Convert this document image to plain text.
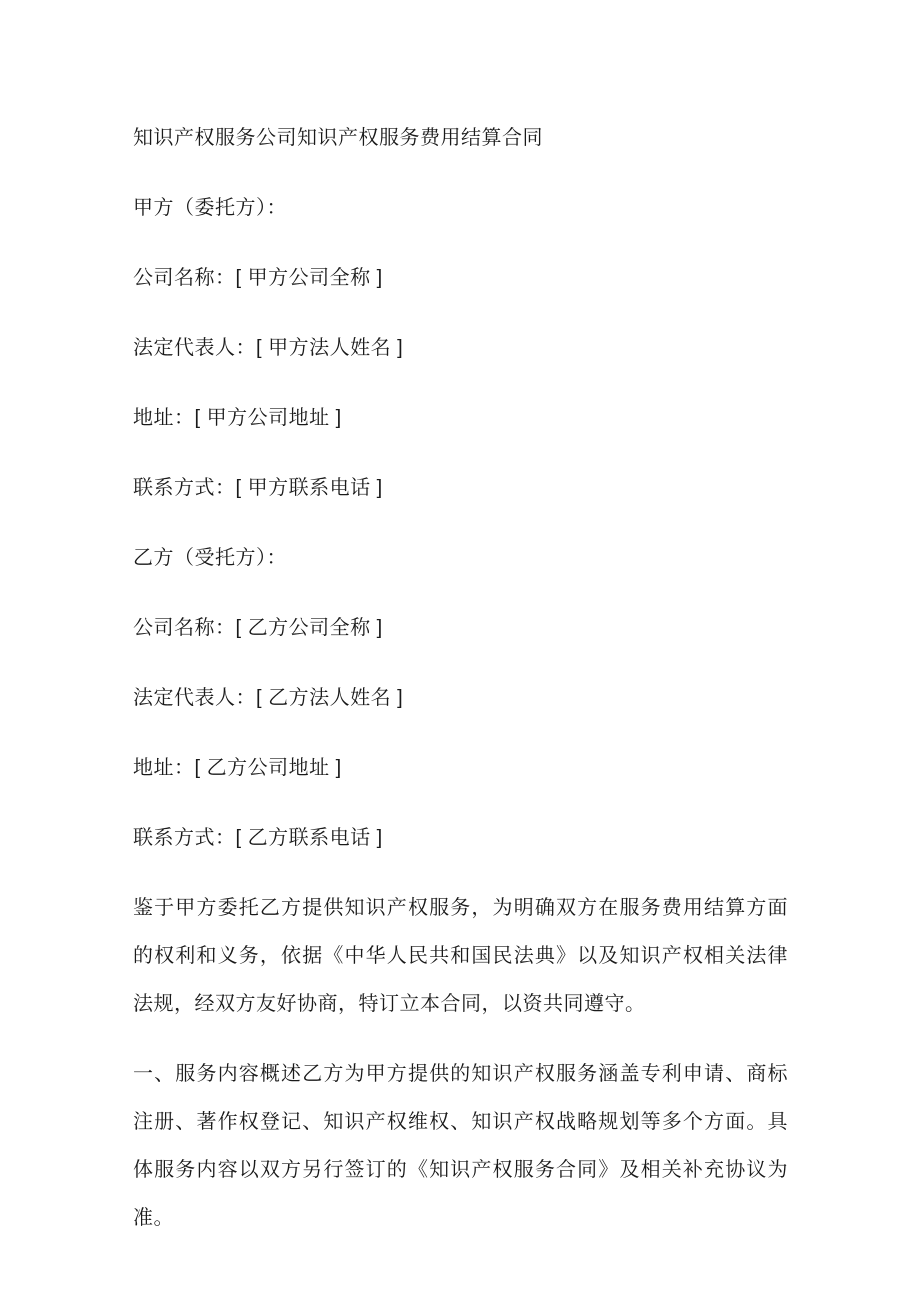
知识产权服务公司知识产权服务费用结算合同

甲方（委托方）：

公司名称：[ 甲方公司全称 ]

法定代表人：[ 甲方法人姓名 ]

地址：[ 甲方公司地址 ]

联系方式：[ 甲方联系电话 ]

乙方（受托方）：

公司名称：[ 乙方公司全称 ]

法定代表人：[ 乙方法人姓名 ]

地址：[ 乙方公司地址 ]

联系方式：[ 乙方联系电话 ]

鉴于甲方委托乙方提供知识产权服务，为明确双方在服务费用结算方面的权利和义务，依据《中华人民共和国民法典》以及知识产权相关法律法规，经双方友好协商，特订立本合同，以资共同遵守。

一、服务内容概述乙方为甲方提供的知识产权服务涵盖专利申请、商标注册、著作权登记、知识产权维权、知识产权战略规划等多个方面。具体服务内容以双方另行签订的《知识产权服务合同》及相关补充协议为准。
